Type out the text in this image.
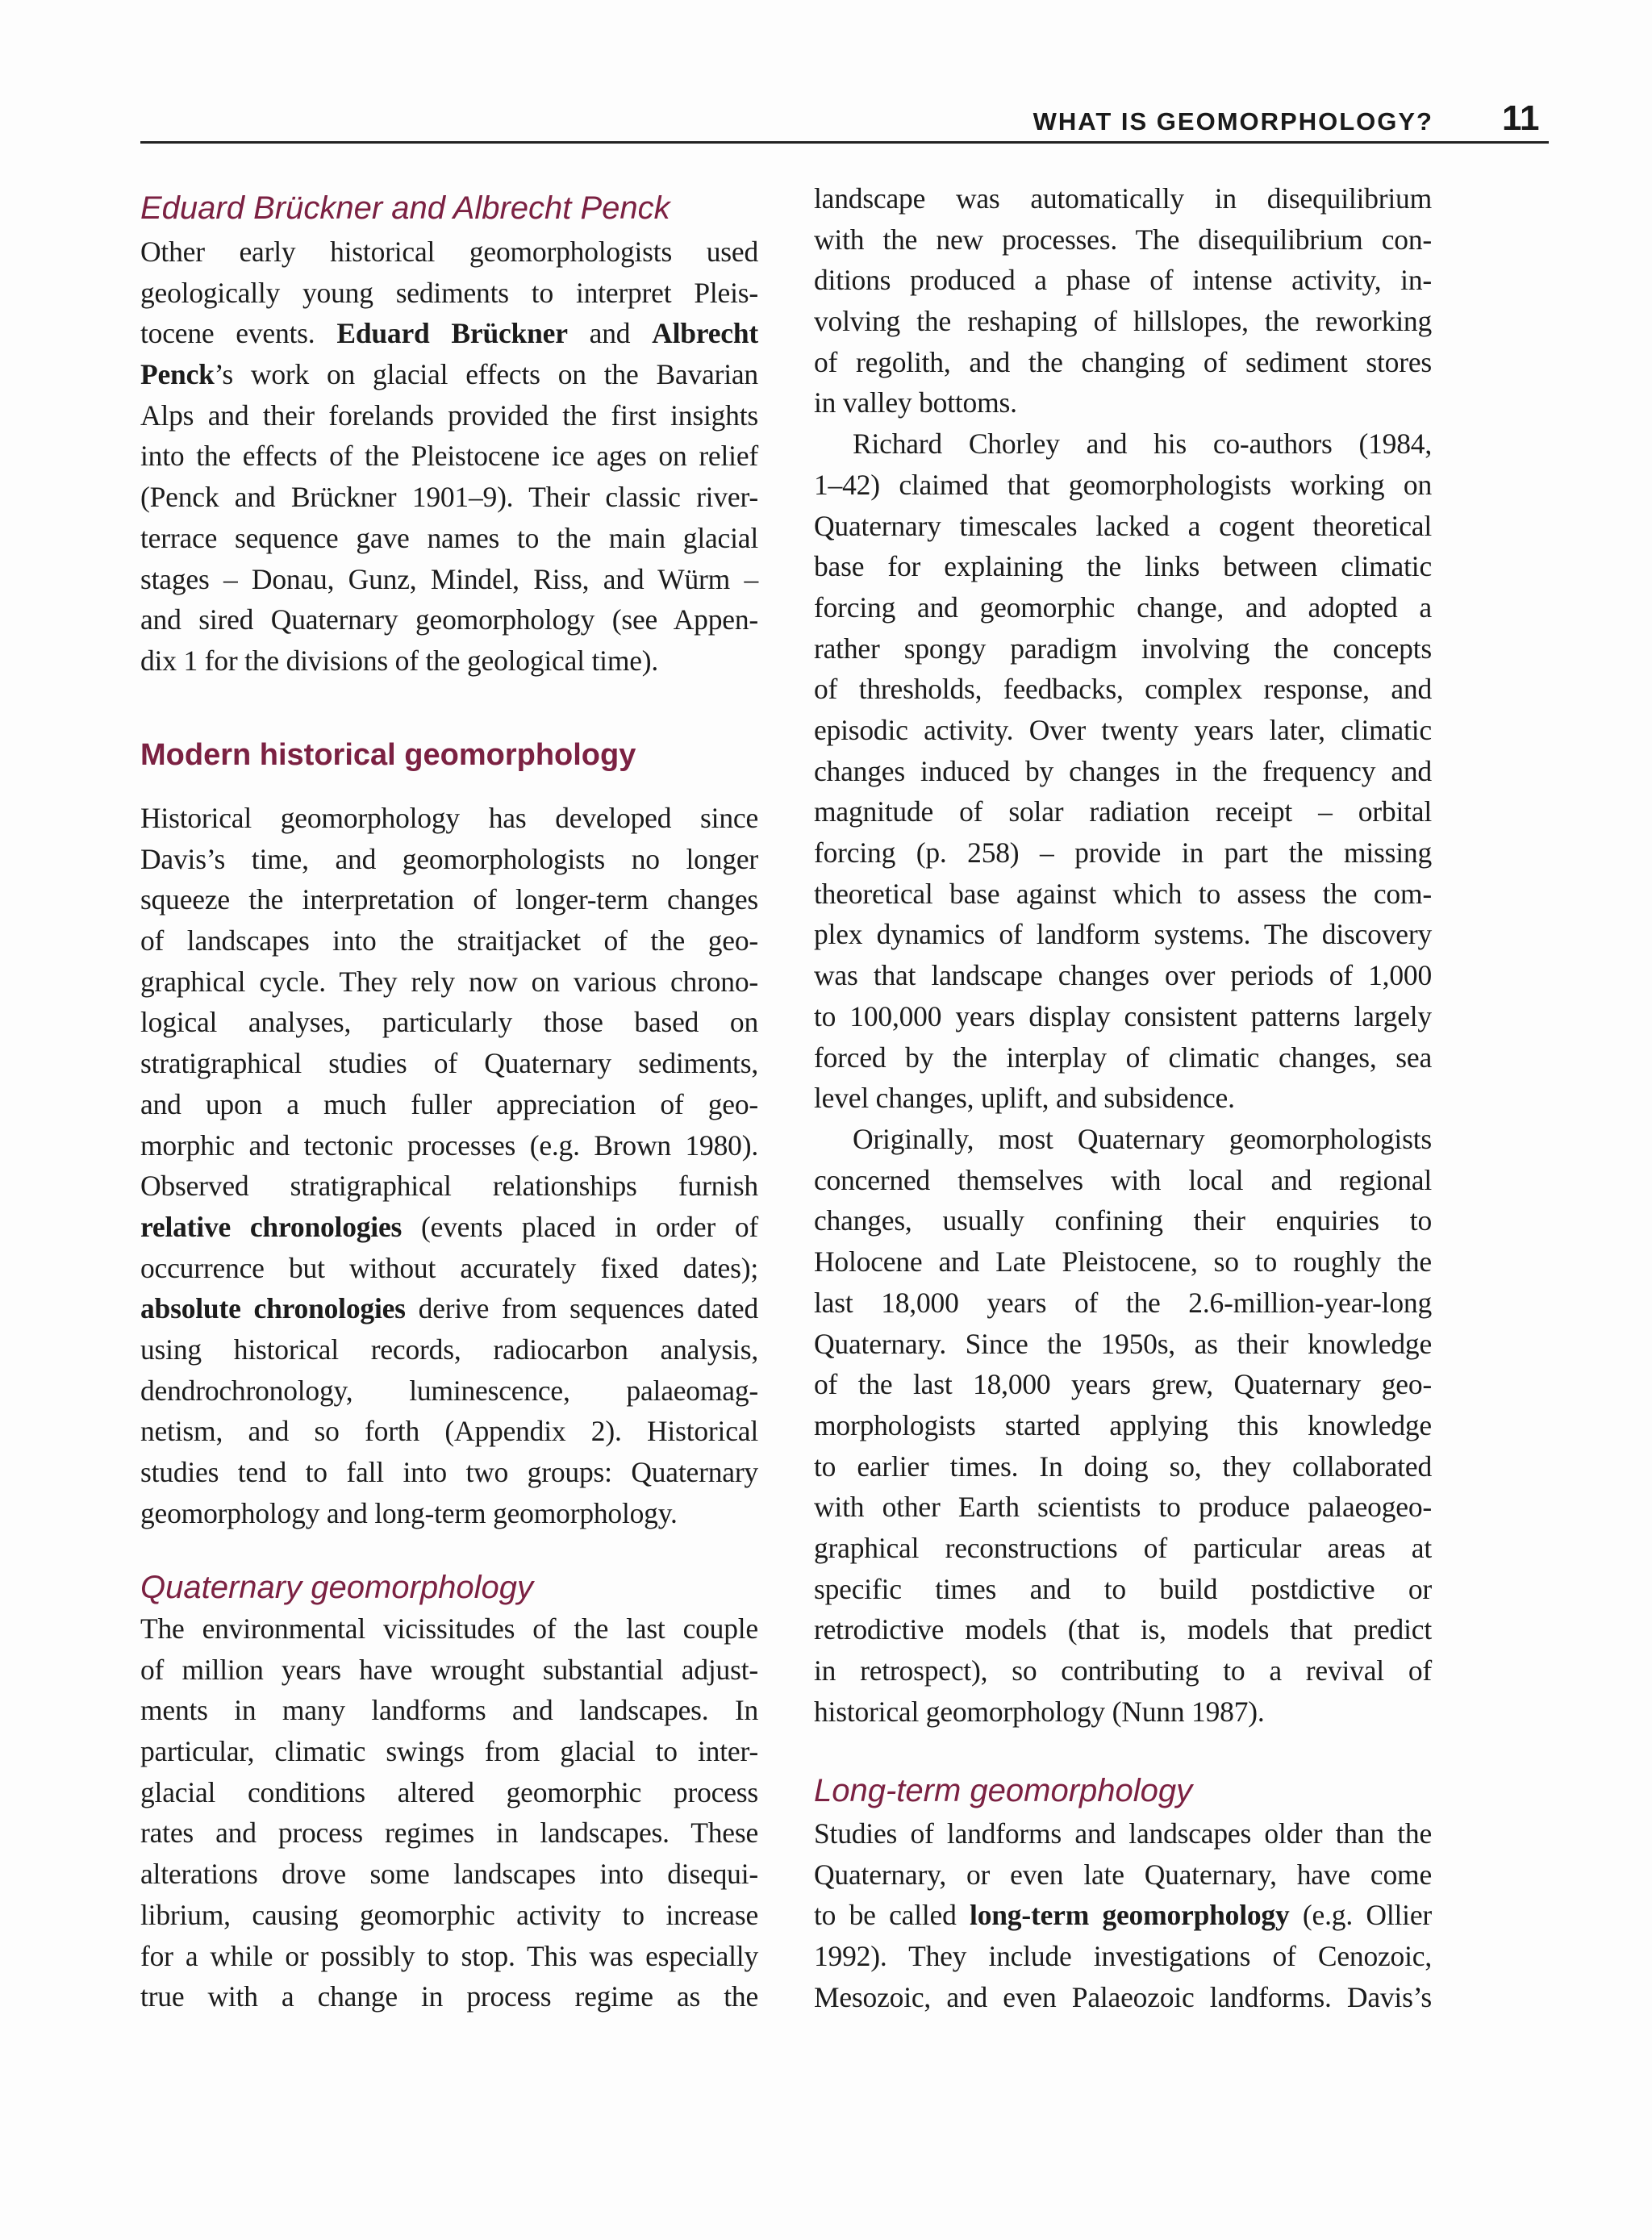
WHAT IS GEOMORPHOLOGY? 11
Eduard Brückner and Albrecht Penck
Other early historical geomorphologists used
geologically young sediments to interpret Pleis-
tocene events. Eduard Brückner and Albrecht
Penck’s work on glacial effects on the Bavarian
Alps and their forelands provided the first insights
into the effects of the Pleistocene ice ages on relief
(Penck and Brückner 1901–9). Their classic river-
terrace sequence gave names to the main glacial
stages – Donau, Gunz, Mindel, Riss, and Würm –
and sired Quaternary geomorphology (see Appen-
dix 1 for the divisions of the geological time).
Modern historical geomorphology
Historical geomorphology has developed since
Davis’s time, and geomorphologists no longer
squeeze the interpretation of longer-term changes
of landscapes into the straitjacket of the geo-
graphical cycle. They rely now on various chrono-
logical analyses, particularly those based on
stratigraphical studies of Quaternary sediments,
and upon a much fuller appreciation of geo-
morphic and tectonic processes (e.g. Brown 1980).
Observed stratigraphical relationships furnish
relative chronologies (events placed in order of
occurrence but without accurately fixed dates);
absolute chronologies derive from sequences dated
using historical records, radiocarbon analysis,
dendrochronology, luminescence, palaeomag-
netism, and so forth (Appendix 2). Historical
studies tend to fall into two groups: Quaternary
geomorphology and long-term geomorphology.
Quaternary geomorphology
The environmental vicissitudes of the last couple
of million years have wrought substantial adjust-
ments in many landforms and landscapes. In
particular, climatic swings from glacial to inter-
glacial conditions altered geomorphic process
rates and process regimes in landscapes. These
alterations drove some landscapes into disequi-
librium, causing geomorphic activity to increase
for a while or possibly to stop. This was especially
true with a change in process regime as the
landscape was automatically in disequilibrium
with the new processes. The disequilibrium con-
ditions produced a phase of intense activity, in-
volving the reshaping of hillslopes, the reworking
of regolith, and the changing of sediment stores
in valley bottoms.
Richard Chorley and his co-authors (1984,
1–42) claimed that geomorphologists working on
Quaternary timescales lacked a cogent theoretical
base for explaining the links between climatic
forcing and geomorphic change, and adopted a
rather spongy paradigm involving the concepts
of thresholds, feedbacks, complex response, and
episodic activity. Over twenty years later, climatic
changes induced by changes in the frequency and
magnitude of solar radiation receipt – orbital
forcing (p. 258) – provide in part the missing
theoretical base against which to assess the com-
plex dynamics of landform systems. The discovery
was that landscape changes over periods of 1,000
to 100,000 years display consistent patterns largely
forced by the interplay of climatic changes, sea
level changes, uplift, and subsidence.
Originally, most Quaternary geomorphologists
concerned themselves with local and regional
changes, usually confining their enquiries to
Holocene and Late Pleistocene, so to roughly the
last 18,000 years of the 2.6-million-year-long
Quaternary. Since the 1950s, as their knowledge
of the last 18,000 years grew, Quaternary geo-
morphologists started applying this knowledge
to earlier times. In doing so, they collaborated
with other Earth scientists to produce palaeogeo-
graphical reconstructions of particular areas at
specific times and to build postdictive or
retrodictive models (that is, models that predict
in retrospect), so contributing to a revival of
historical geomorphology (Nunn 1987).
Long-term geomorphology
Studies of landforms and landscapes older than the
Quaternary, or even late Quaternary, have come
to be called long-term geomorphology (e.g. Ollier
1992). They include investigations of Cenozoic,
Mesozoic, and even Palaeozoic landforms. Davis’s
